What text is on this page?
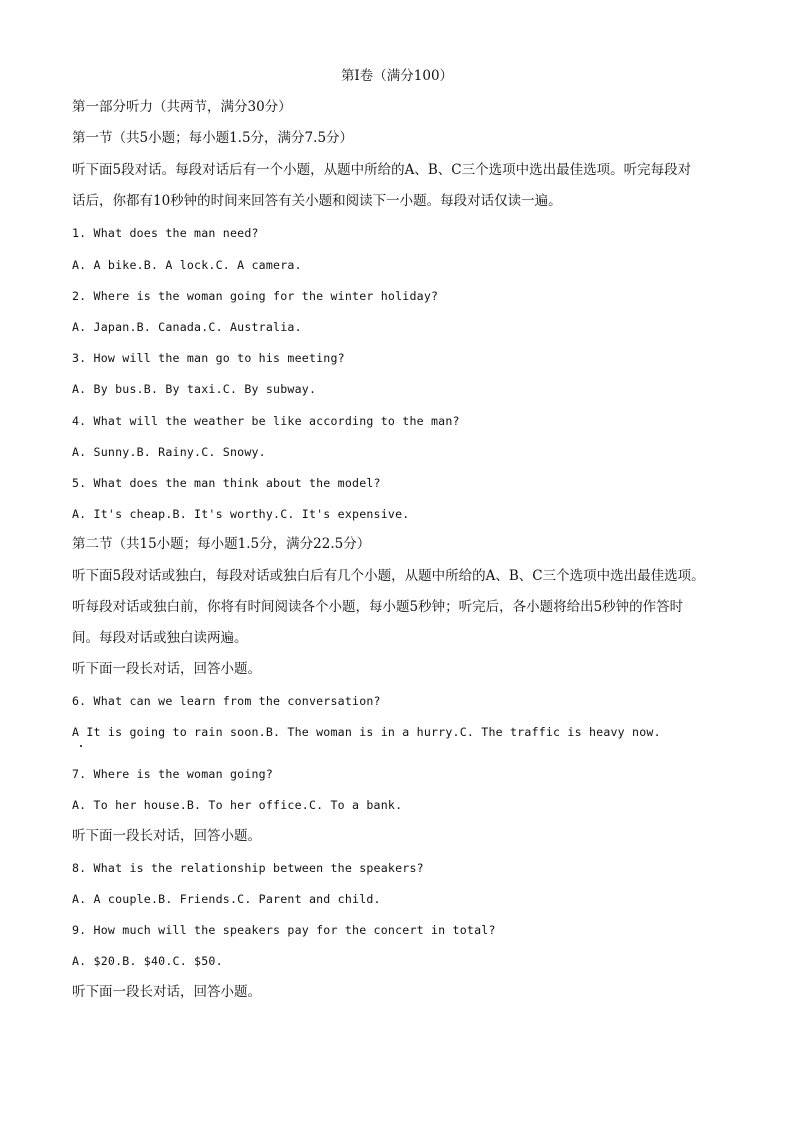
第Ⅰ卷（满分100）
第一部分听力（共两节，满分30分）
第一节（共5小题；每小题1.5分，满分7.5分）
听下面5段对话。每段对话后有一个小题，从题中所给的A、B、C三个选项中选出最佳选项。听完每段对
话后，你都有10秒钟的时间来回答有关小题和阅读下一小题。每段对话仅读一遍。
1. What does the man need?
A. A bike.B. A lock.C. A camera.
2. Where is the woman going for the winter holiday?
A. Japan.B. Canada.C. Australia.
3. How will the man go to his meeting?
A. By bus.B. By taxi.C. By subway.
4. What will the weather be like according to the man?
A. Sunny.B. Rainy.C. Snowy.
5. What does the man think about the model?
A. It's cheap.B. It's worthy.C. It's expensive.
第二节（共15小题；每小题1.5分，满分22.5分）
听下面5段对话或独白，每段对话或独白后有几个小题，从题中所给的A、B、C三个选项中选出最佳选项。
听每段对话或独白前，你将有时间阅读各个小题，每小题5秒钟；听完后，各小题将给出5秒钟的作答时
间。每段对话或独白读两遍。
听下面一段长对话，回答小题。
6. What can we learn from the conversation?
A It is going to rain soon.B. The woman is in a hurry.C. The traffic is heavy now.
7. Where is the woman going?
A. To her house.B. To her office.C. To a bank.
听下面一段长对话，回答小题。
8. What is the relationship between the speakers?
A. A couple.B. Friends.C. Parent and child.
9. How much will the speakers pay for the concert in total?
A. $20.B. $40.C. $50.
听下面一段长对话，回答小题。
